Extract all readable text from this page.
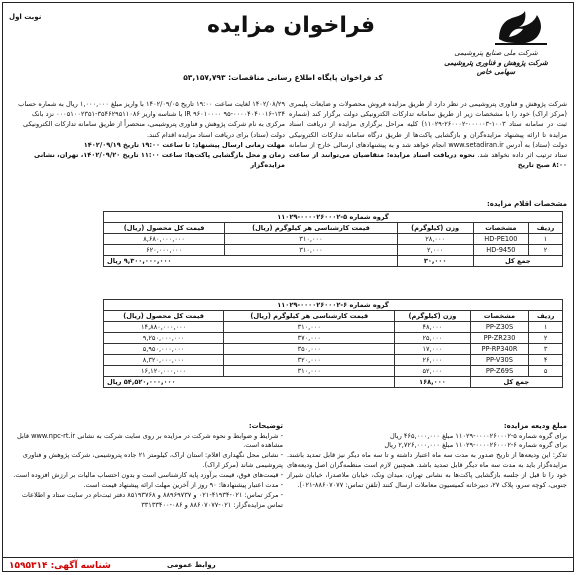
نوبت اول	فراخوان مزایده
کد فراخوان پایگاه اطلاع رسانی مناقصات: ۵۳,۱۵۷,۷۹۳
شرکت ملی صنایع پتروشیمی
شرکت پژوهش و فناوری پتروشیمی سهامی خاص
شرکت پژوهش و فناوری پتروشیمی در نظر دارد از طریق مزایده فروش محصولات و ضایعات پلیمری (مرکز اراک) خود را با مشخصات زیر از طریق سامانه تدارکات الکترونیکی دولت برگزار کند (شماره ثبت در سامانه ستاد ۱۰۰۳-۰۰۰۰۰۳-۲۶۰۰۰۲-۱۱۰۲۹) کلیه مراحل برگزاری مزایده از دریافت اسناد مزایده تا ارائه پیشنهاد مزایده‌گران و بازگشایی پاکت‌ها از طریق درگاه سامانه تدارکات الکترونیکی دولت (ستاد) به آدرس www.setadiran.ir انجام خواهد شد و به پیشنهادهای ارسالی خارج از سامانه ستاد ترتیب اثر داده نخواهد شد. نحوه دریافت اسناد مزایده: متقاضیان می‌توانند از ساعت ۸:۰۰ صبح تاریخ
۱۴۰۲/۰۸/۲۹ لغایت ساعت ۱۹:۰۰ تاریخ ۱۴۰۲/۰۹/۰۵ با واریز مبلغ ۱,۰۰۰,۰۰۰ ریال به شماره حساب ۱۳۴-۰۰۰۰۴۰۴۰۰۱۶-۹۵ IR ۹۶۰۱۰۰۰۰ با شناسه واریز ۳۵۴۶۲۹۵۱۱۰۸۶-۰۰۰۵۱۰۰۲۳۵۱ نزد بانک مرکزی به نام شرکت پژوهش و فناوری پتروشیمی، منحصراً از طریق سامانه تدارکات الکترونیکی دولت (ستاد) برای دریافت اسناد مزایده اقدام کنند.
مهلت زمانی ارسال پیشنهاد: تا ساعت ۱۹:۰۰ تاریخ ۱۴۰۲/۰۹/۱۹
زمان و محل بازگشایی پاکت‌ها: ساعت ۱۱:۰۰ تاریخ ۱۴۰۲/۰۹/۲۰، تهران، نشانی مزایده‌گزار
مشخصات اقلام مزایده:
گروه شماره ۵-۰۰۰۰۲۶۰۰۰۲-۱۱۰۲۹				
ردیف	مشخصات	وزن (کیلوگرم)	قیمت کارشناسی هر کیلوگرم (ریال)	قیمت کل محصول (ریال)
۱	HD-PE100	۲۸,۰۰۰	۳۱۰,۰۰۰	۸,۶۸۰,۰۰۰,۰۰۰
۲	HD-9450	۲,۰۰۰	۳۱۰,۰۰۰	۶۲۰,۰۰۰,۰۰۰
جمع کل		۳۰,۰۰۰	۹,۳۰۰,۰۰۰,۰۰۰ ریال	
گروه شماره ۶-۰۰۰۰۲۶۰۰۰۲-۱۱۰۲۹				
ردیف	مشخصات	وزن (کیلوگرم)	قیمت کارشناسی هر کیلوگرم (ریال)	قیمت کل محصول (ریال)
۱	PP-Z30S	۴۸,۰۰۰	۳۱۰,۰۰۰	۱۴,۸۸۰,۰۰۰,۰۰۰
۲	PP-ZR230	۲۵,۰۰۰	۳۷۰,۰۰۰	۹,۲۵۰,۰۰۰,۰۰۰
۳	PP-RP340R	۱۷,۰۰۰	۳۵۰,۰۰۰	۵,۹۵۰,۰۰۰,۰۰۰
۴	PP-V30S	۲۶,۰۰۰	۳۲۰,۰۰۰	۸,۳۲۰,۰۰۰,۰۰۰
۵	PP-Z69S	۵۲,۰۰۰	۳۱۰,۰۰۰	۱۶,۱۲۰,۰۰۰,۰۰۰
جمع کل		۱۶۸,۰۰۰	۵۴,۵۲۰,۰۰۰,۰۰۰ ریال	
مبلغ ودیعه مزایده:
برای گروه شماره ۵-۰۰۰۰۲۶۰۰۰۲-۱۱۰۲۹ مبلغ ۴۶۵,۰۰۰,۰۰۰ ریال
برای گروه شماره ۶-۰۰۰۰۲۶۰۰۰۲-۱۱۰۲۹ مبلغ ۲,۷۲۶,۰۰۰,۰۰۰ ریال
تذکر: این ودیعه‌ها از تاریخ صدور به مدت سه ماه اعتبار داشته و تا سه ماه دیگر نیز قابل تمدید باشند. مزایده‌گزار باید به مدت سه ماه دیگر قابل تمدید باشد. همچنین لازم است منظمه‌گران اصل ودیعه‌های خود را تا قبل از جلسه بازگشایی پاکت‌ها به نشانی تهران، میدان ونک، خیابان ملاصدرا، خیابان شیراز جنوبی، کوچه سرو، پلاک ۲۷، دبیرخانه کمیسیون معاملات ارسال کنند (تلفن تماس: ۸۸۶۰۷۰۷۷-۰۲۱).
توضیحات:
- شرایط و ضوابط و نحوه شرکت در مزایده بر روی سایت شرکت به نشانی www.npc-rt.ir قابل مشاهده است.
- نشانی محل نگهداری اقلام: استان اراک، کیلومتر ۲۱ جاده پتروشیمی، شرکت پژوهش و فناوری پتروشیمی شاند (مرکز اراک).
- قیمت‌های فوق، قیمت برآورد پایه کارشناسی است و بدون احتساب مالیات بر ارزش افزوده است.
- مدت اعتبار پیشنهادها: ۹۰ روز از آخرین مهلت ارائه پیشنهاد قیمت است.
- مرکز تماس: ۰۲۱-۴۱۹۳۴-۰۲۱ و ۸۸۹۶۹۷۳۷ و ۸۵۱۹۳۷۶۸ دفتر ثبت‌نام در سایت ستاد و اطلاعات تماس مزایده‌گزار: ۰۲۱-۸۸۶۰۷۰۷۷ و ۰۸۶-۳۳۱۳۳۴۰۰
شناسه آگهی: ۱۵۹۵۳۱۴	روابط عمومی
